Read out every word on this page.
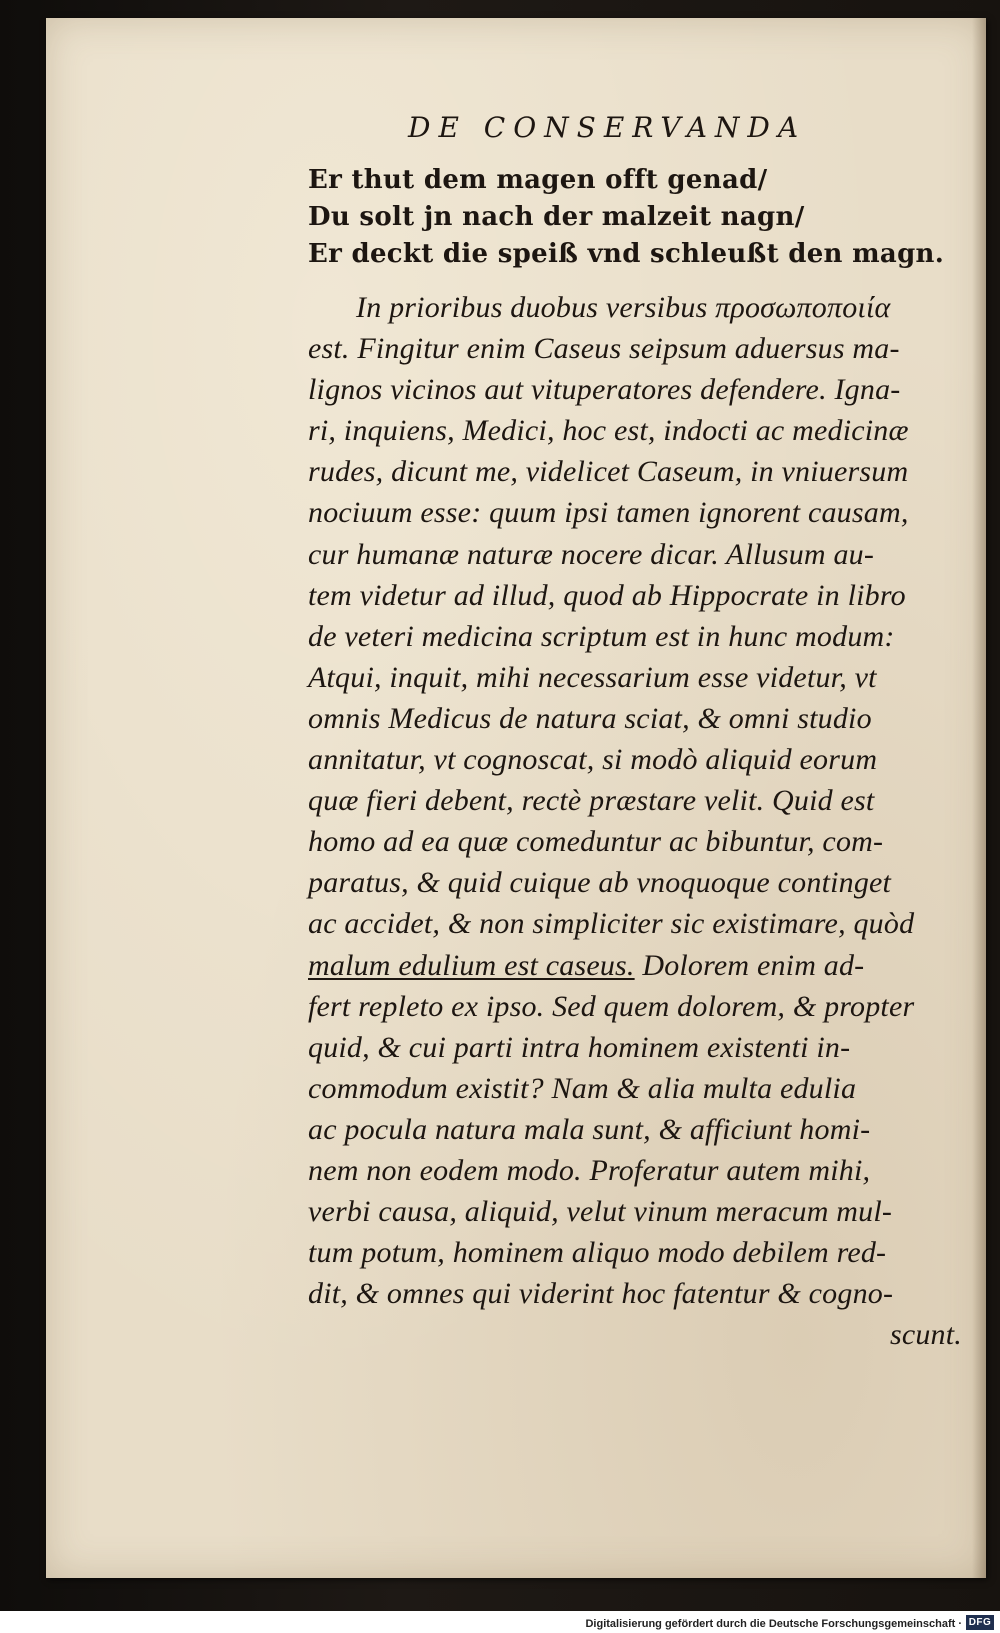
DE CONSERVANDA
Er thut dem magen offt genad/
Du solt jn nach der malzeit nagn/
Er deckt die speiß vnd schleußt den magn.
In prioribus duobus versibus προσωποποιία
est. Fingitur enim Caseus seipsum aduersus ma-
lignos vicinos aut vituperatores defendere. Igna-
ri, inquiens, Medici, hoc est, indocti ac medicinæ
rudes, dicunt me, videlicet Caseum, in vniuersum
nociuum esse: quum ipsi tamen ignorent causam,
cur humanæ naturæ nocere dicar. Allusum au-
tem videtur ad illud, quod ab Hippocrate in libro
de veteri medicina scriptum est in hunc modum:
Atqui, inquit, mihi necessarium esse videtur, vt
omnis Medicus de natura sciat, & omni studio
annitatur, vt cognoscat, si modò aliquid eorum
quæ fieri debent, rectè præstare velit. Quid est
homo ad ea quæ comeduntur ac bibuntur, com-
paratus, & quid cuique ab vnoquoque continget
ac accidet, & non simpliciter sic existimare, quòd
malum edulium est caseus. Dolorem enim ad-
fert repleto ex ipso. Sed quem dolorem, & propter
quid, & cui parti intra hominem existenti in-
commodum existit? Nam & alia multa edulia
ac pocula natura mala sunt, & afficiunt homi-
nem non eodem modo. Proferatur autem mihi,
verbi causa, aliquid, velut vinum meracum mul-
tum potum, hominem aliquo modo debilem red-
dit, & omnes qui viderint hoc fatentur & cogno-
scunt.
Digitalisierung gefördert durch die Deutsche Forschungsgemeinschaft · DFG
